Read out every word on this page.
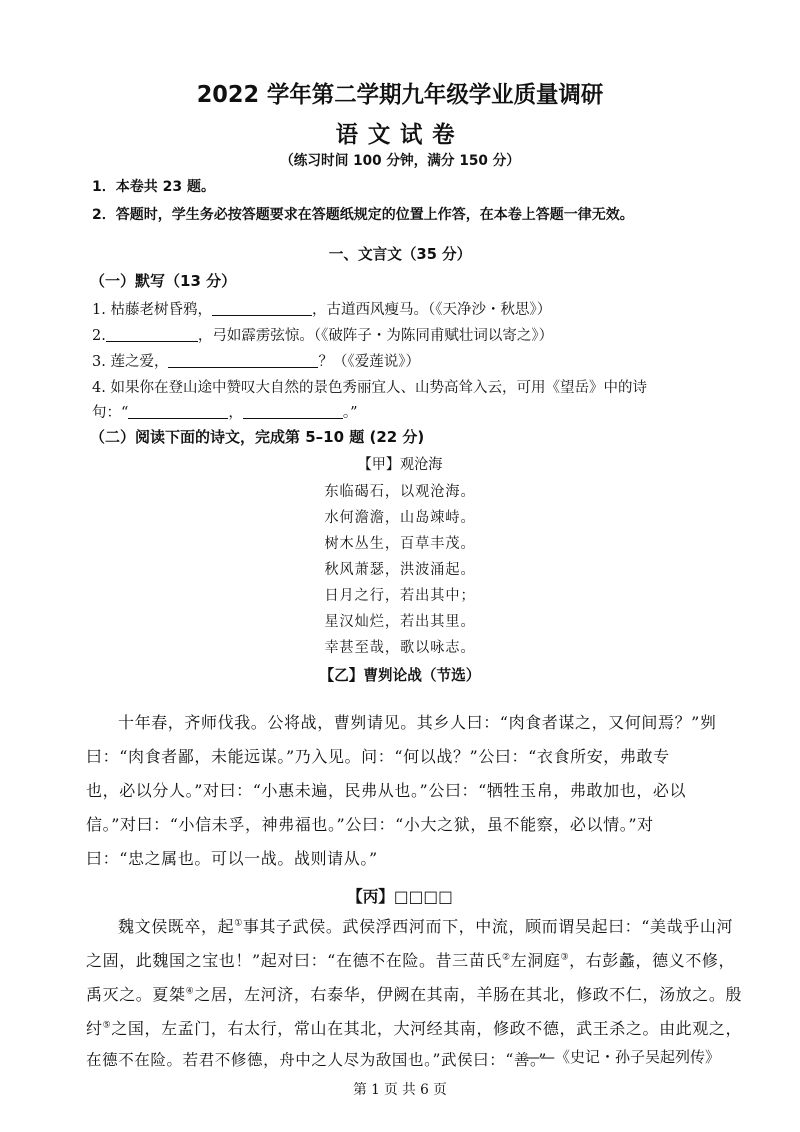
2022 学年第二学期九年级学业质量调研
语文试卷
（练习时间 100 分钟，满分 150 分）
1．本卷共 23 题。
2．答题时，学生务必按答题要求在答题纸规定的位置上作答，在本卷上答题一律无效。
一、文言文（35 分）
（一）默写（13 分）
1. 枯藤老树昏鸦，	，古道西风瘦马。（《天净沙・秋思》）
2.	，弓如霹雳弦惊。（《破阵子・为陈同甫赋壮词以寄之》）
3. 莲之爱，	？（《爱莲说》）
4. 如果你在登山途中赞叹大自然的景色秀丽宜人、山势高耸入云，可用《望岳》中的诗
句：“	，	。”
（二）阅读下面的诗文，完成第 5–10 题 (22 分)
【甲】观沧海
东临碣石，以观沧海。
水何澹澹，山岛竦峙。
树木丛生，百草丰茂。
秋风萧瑟，洪波涌起。
日月之行，若出其中；
星汉灿烂，若出其里。
幸甚至哉，歌以咏志。
【乙】曹刿论战（节选）
十年春，齐师伐我。公将战，曹刿请见。其乡人曰：“肉食者谋之，又何间焉？”刿
曰：“肉食者鄙，未能远谋。”乃入见。问：“何以战？”公曰：“衣食所安，弗敢专
也，必以分人。”对曰：“小惠未遍，民弗从也。”公曰：“牺牲玉帛，弗敢加也，必以
信。”对曰：“小信未孚，神弗福也。”公曰：“小大之狱，虽不能察，必以情。”对
曰：“忠之属也。可以一战。战则请从。”
【丙】□□□□
魏文侯既卒，起①事其子武侯。武侯浮西河而下，中流，顾而谓吴起曰：“美哉乎山河
之固，此魏国之宝也！”起对曰：“在德不在险。昔三苗氏②左洞庭③，右彭蠡，德义不修，
禹灭之。夏桀④之居，左河济，右泰华，伊阙在其南，羊肠在其北，修政不仁，汤放之。殷
纣⑤之国，左孟门，右太行，常山在其北，大河经其南，修政不德，武王杀之。由此观之，
在德不在险。若君不修德，舟中之人尽为敌国也。”武侯曰：“善。”
——《史记・孙子吴起列传》
第 1 页 共 6 页
